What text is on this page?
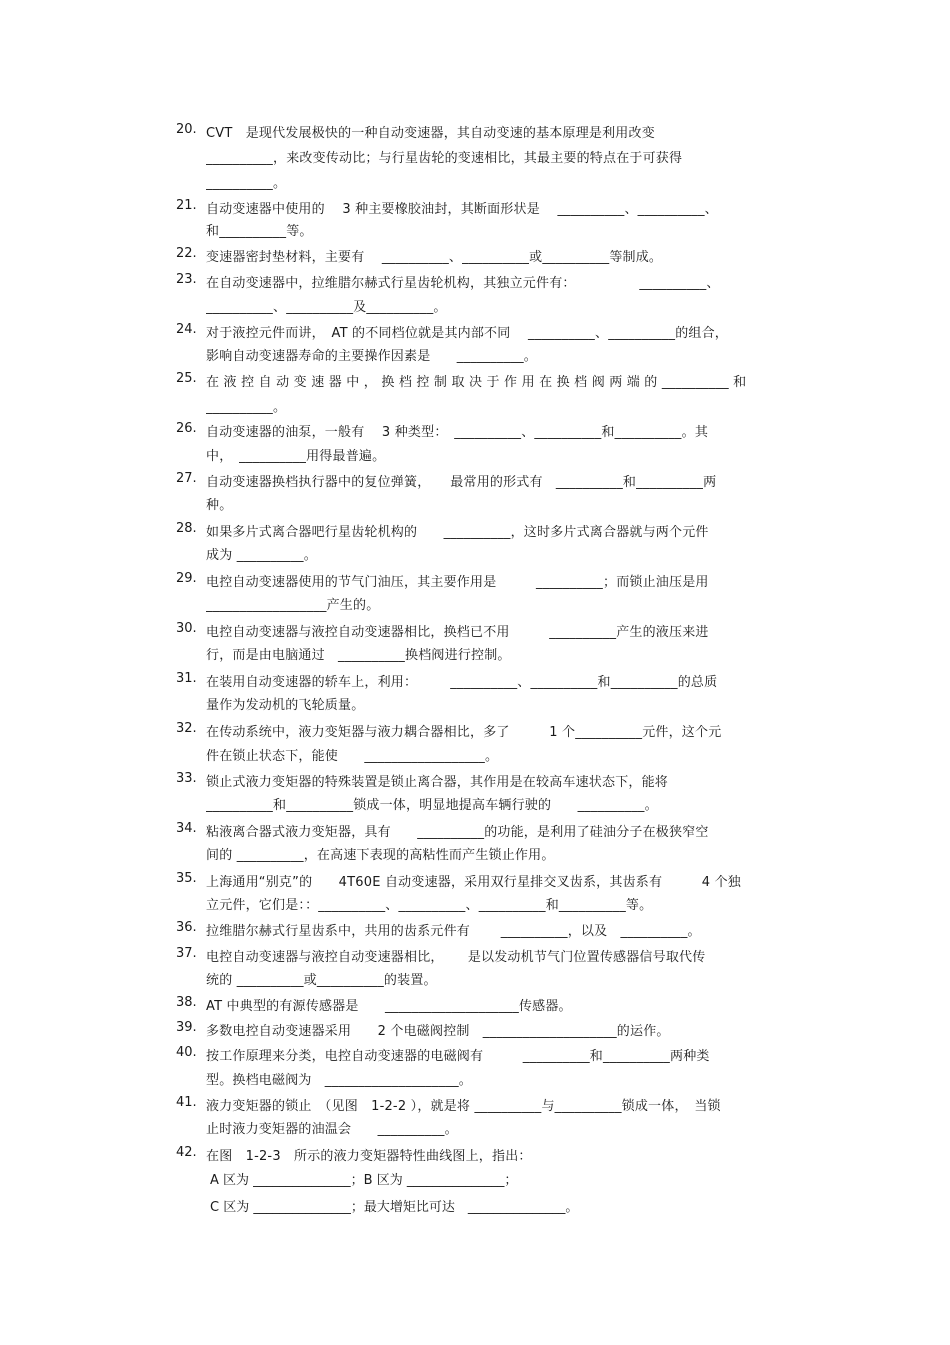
20. CVT　是现代发展极快的一种自动变速器，其自动变速的基本原理是利用改变
__________，来改变传动比；与行星齿轮的变速相比，其最主要的特点在于可获得
__________。
21. 自动变速器中使用的　 3 种主要橡胶油封，其断面形状是　 __________、__________、
和__________等。
22. 变速器密封垫材料，主要有　 __________、__________或__________等制成。
23. 在自动变速器中，拉维腊尔赫式行星齿轮机构，其独立元件有：　　　　　 __________、
__________、__________及__________。
24. 对于液控元件而讲，　AT 的不同档位就是其内部不同　 __________、__________的组合，
影响自动变速器寿命的主要操作因素是　　__________。
25. 在 液 控 自 动 变 速 器 中 ， 换 档 控 制 取 决 于 作 用 在 换 档 阀 两 端 的 __________ 和
__________。
26. 自动变速器的油泵，一般有　 3 种类型：　__________、__________和__________。其
中，　__________用得最普遍。
27. 自动变速器换档执行器中的复位弹簧，　　最常用的形式有　__________和__________两
种。
28. 如果多片式离合器吧行星齿轮机构的　　__________，这时多片式离合器就与两个元件
成为 __________。
29. 电控自动变速器使用的节气门油压，其主要作用是　　　__________；而锁止油压是用
__________________产生的。
30. 电控自动变速器与液控自动变速器相比，换档已不用　　　__________产生的液压来进
行，而是由电脑通过　__________换档阀进行控制。
31. 在装用自动变速器的轿车上，利用：　　　__________、__________和__________的总质
量作为发动机的飞轮质量。
32. 在传动系统中，液力变矩器与液力耦合器相比，多了　　　1 个__________元件，这个元
件在锁止状态下，能使　　__________________。
33. 锁止式液力变矩器的特殊装置是锁止离合器，其作用是在较高车速状态下，能将
__________和__________锁成一体，明显地提高车辆行驶的　　__________。
34. 粘液离合器式液力变矩器，具有　　__________的功能，是利用了硅油分子在极狭窄空
间的 __________，在高速下表现的高粘性而产生锁止作用。
35. 上海通用“别克”的　　4T60E 自动变速器，采用双行星排交叉齿系，其齿系有　　　4 个独
立元件，它们是：：__________、__________、__________和__________等。
36. 拉维腊尔赫式行星齿系中，共用的齿系元件有　　 __________，以及　__________。
37. 电控自动变速器与液控自动变速器相比，　　 是以发动机节气门位置传感器信号取代传
统的 __________或__________的装置。
38. AT 中典型的有源传感器是　　____________________传感器。
39. 多数电控自动变速器采用　　2 个电磁阀控制　____________________的运作。
40. 按工作原理来分类，电控自动变速器的电磁阀有　　　__________和__________两种类
型。换档电磁阀为　____________________。
41. 液力变矩器的锁止　（见图　1-2-2 ），就是将 __________与__________锁成一体，　当锁
止时液力变矩器的油温会　　__________。
42. 在图　1-2-3　所示的液力变矩器特性曲线图上，指出：
A 区为 _______________；B 区为 _______________；
C 区为 _______________；最大增矩比可达　_______________。
